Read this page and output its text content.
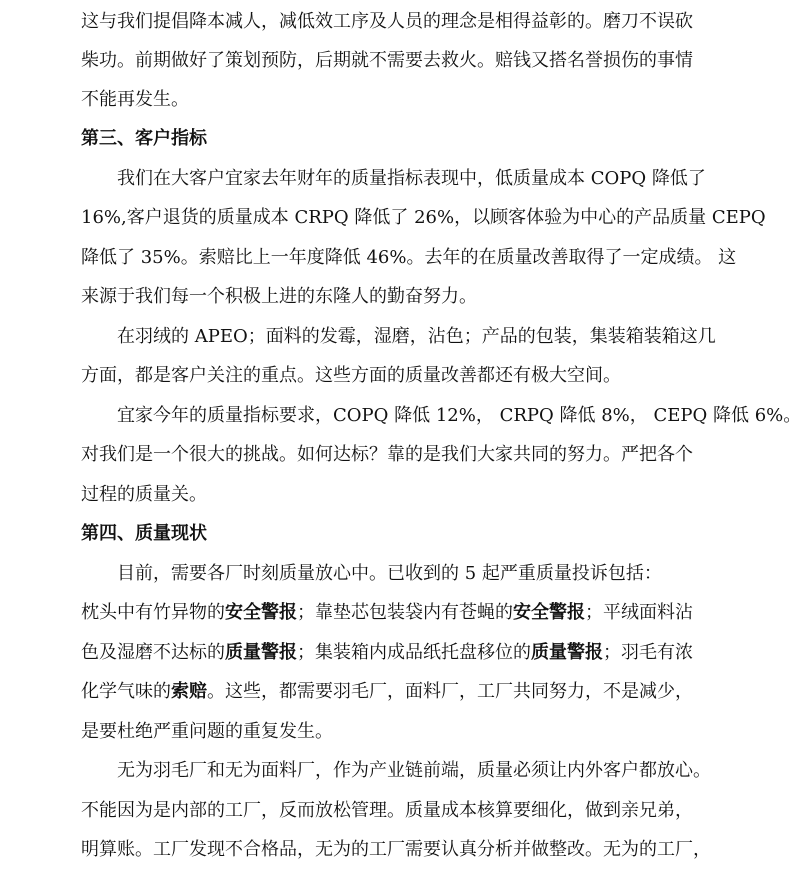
这与我们提倡降本减人，减低效工序及人员的理念是相得益彰的。磨刀不误砍
柴功。前期做好了策划预防，后期就不需要去救火。赔钱又搭名誉损伤的事情
不能再发生。
第三、客户指标
我们在大客户宜家去年财年的质量指标表现中，低质量成本 COPQ 降低了
16%,客户退货的质量成本 CRPQ 降低了 26%，以顾客体验为中心的产品质量 CEPQ
降低了 35%。索赔比上一年度降低 46%。去年的在质量改善取得了一定成绩。 这
来源于我们每一个积极上进的东隆人的勤奋努力。
在羽绒的 APEO；面料的发霉，湿磨，沾色；产品的包装，集装箱装箱这几
方面，都是客户关注的重点。这些方面的质量改善都还有极大空间。
宜家今年的质量指标要求，COPQ 降低 12%， CRPQ 降低 8%， CEPQ 降低 6%。
对我们是一个很大的挑战。如何达标？靠的是我们大家共同的努力。严把各个
过程的质量关。
第四、质量现状
目前，需要各厂时刻质量放心中。已收到的 5 起严重质量投诉包括：
枕头中有竹异物的安全警报；靠垫芯包装袋内有苍蝇的安全警报；平绒面料沾
色及湿磨不达标的质量警报；集装箱内成品纸托盘移位的质量警报；羽毛有浓
化学气味的索赔。这些，都需要羽毛厂，面料厂，工厂共同努力，不是减少，
是要杜绝严重问题的重复发生。
无为羽毛厂和无为面料厂，作为产业链前端，质量必须让内外客户都放心。
不能因为是内部的工厂，反而放松管理。质量成本核算要细化，做到亲兄弟，
明算账。工厂发现不合格品，无为的工厂需要认真分析并做整改。无为的工厂，
